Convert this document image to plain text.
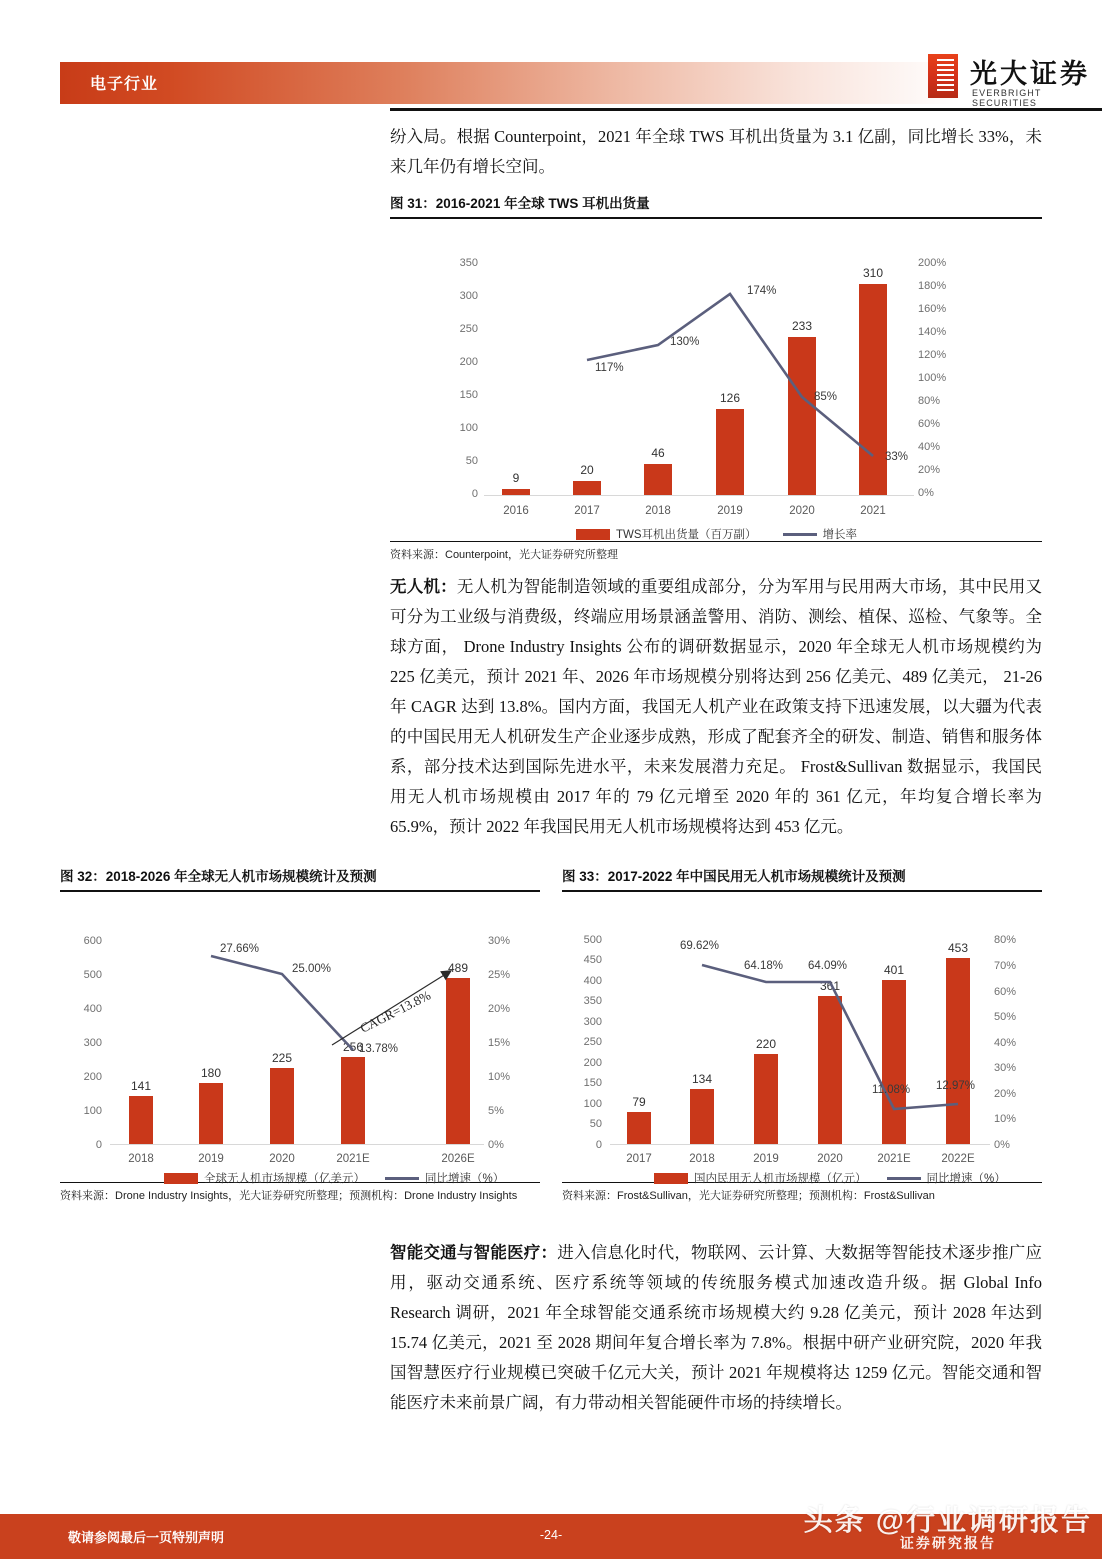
电子行业	光大证券
EVERBRIGHT SECURITIES

纷入局。根据 Counterpoint，2021 年全球 TWS 耳机出货量为 3.1 亿副，同比增长 33%，未来几年仍有增长空间。

图 31：2016-2021 年全球 TWS 耳机出货量
350
300
250
200
150
100
50
0
200%
180%
160%
140%
120%
100%
80%
60%
40%
20%
0%
9
20
46
126
233
310
117%
130%
174%
85%
33%
2016	2017	2018	2019	2020	2021
TWS耳机出货量（百万副）	增长率
资料来源：Counterpoint，光大证券研究所整理

无人机：无人机为智能制造领域的重要组成部分，分为军用与民用两大市场，其中民用又可分为工业级与消费级，终端应用场景涵盖警用、消防、测绘、植保、巡检、气象等。全球方面， Drone Industry Insights 公布的调研数据显示，2020 年全球无人机市场规模约为 225 亿美元，预计 2021 年、2026 年市场规模分别将达到 256 亿美元、489 亿美元， 21-26 年 CAGR 达到 13.8%。国内方面，我国无人机产业在政策支持下迅速发展，以大疆为代表的中国民用无人机研发生产企业逐步成熟，形成了配套齐全的研发、制造、销售和服务体系，部分技术达到国际先进水平，未来发展潜力充足。 Frost&Sullivan 数据显示，我国民用无人机市场规模由 2017 年的 79 亿元增至 2020 年的 361 亿元，年均复合增长率为 65.9%，预计 2022 年我国民用无人机市场规模将达到 453 亿元。

图 32：2018-2026 年全球无人机市场规模统计及预测
600
500
400
300
200
100
0
30%
25%
20%
15%
10%
5%
0%
141
180
225
256
489
27.66%
25.00%
13.78%
CAGR=13.8%
2018	2019	2020	2021E	2026E
全球无人机市场规模（亿美元）	同比增速（%）
资料来源：Drone Industry Insights，光大证券研究所整理；预测机构：Drone Industry Insights
图 33：2017-2022 年中国民用无人机市场规模统计及预测
500
450
400
350
300
250
200
150
100
50
0
80%
70%
60%
50%
40%
30%
20%
10%
0%
79
134
220
361
401
453
69.62%
64.18% 64.09%
11.08% 12.97%
2017	2018	2019	2020	2021E	2022E
国内民用无人机市场规模（亿元）	同比增速（%）
资料来源：Frost&Sullivan，光大证券研究所整理；预测机构：Frost&Sullivan

智能交通与智能医疗：进入信息化时代，物联网、云计算、大数据等智能技术逐步推广应用，驱动交通系统、医疗系统等领域的传统服务模式加速改造升级。据 Global Info Research 调研，2021 年全球智能交通系统市场规模大约 9.28 亿美元，预计 2028 年达到 15.74 亿美元，2021 至 2028 期间年复合增长率为 7.8%。根据中研产业研究院，2020 年我国智慧医疗行业规模已突破千亿元大关，预计 2021 年规模将达 1259 亿元。智能交通和智能医疗未来前景广阔，有力带动相关智能硬件市场的持续增长。

敬请参阅最后一页特别声明	-24-	头条 @行业调研报告
证券研究报告
